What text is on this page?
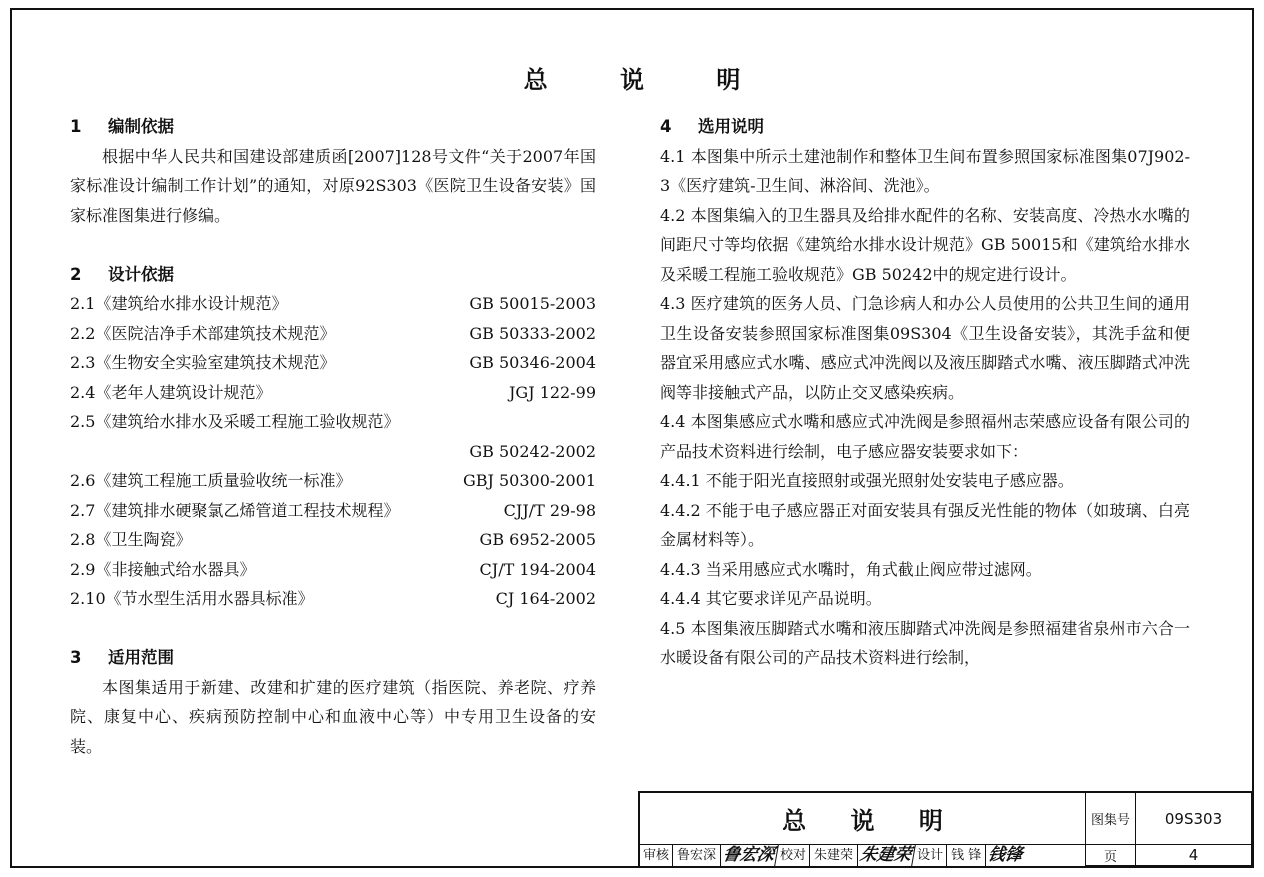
总 说 明
1 编制依据

根据中华人民共和国建设部建质函[2007]128号文件“关于2007年国家标准设计编制工作计划”的通知，对原92S303《医院卫生设备安装》国家标准图集进行修编。

2 设计依据
2.1《建筑给水排水设计规范》	GB 50015-2003
2.2《医院洁净手术部建筑技术规范》	GB 50333-2002
2.3《生物安全实验室建筑技术规范》	GB 50346-2004
2.4《老年人建筑设计规范》	JGJ 122-99
2.5《建筑给水排水及采暖工程施工验收规范》
GB 50242-2002
2.6《建筑工程施工质量验收统一标准》	GBJ 50300-2001
2.7《建筑排水硬聚氯乙烯管道工程技术规程》	CJJ/T 29-98
2.8《卫生陶瓷》	GB 6952-2005
2.9《非接触式给水器具》	CJ/T 194-2004
2.10《节水型生活用水器具标准》	CJ 164-2002
3 适用范围

本图集适用于新建、改建和扩建的医疗建筑（指医院、养老院、疗养院、康复中心、疾病预防控制中心和血液中心等）中专用卫生设备的安装。

4 选用说明

4.1 本图集中所示土建池制作和整体卫生间布置参照国家标准图集07J902-3《医疗建筑-卫生间、淋浴间、洗池》。

4.2 本图集编入的卫生器具及给排水配件的名称、安装高度、冷热水水嘴的间距尺寸等均依据《建筑给水排水设计规范》GB 50015和《建筑给水排水及采暖工程施工验收规范》GB 50242中的规定进行设计。

4.3 医疗建筑的医务人员、门急诊病人和办公人员使用的公共卫生间的通用卫生设备安装参照国家标准图集09S304《卫生设备安装》，其洗手盆和便器宜采用感应式水嘴、感应式冲洗阀以及液压脚踏式水嘴、液压脚踏式冲洗阀等非接触式产品，以防止交叉感染疾病。

4.4 本图集感应式水嘴和感应式冲洗阀是参照福州志荣感应设备有限公司的产品技术资料进行绘制，电子感应器安装要求如下：

4.4.1 不能于阳光直接照射或强光照射处安装电子感应器。

4.4.2 不能于电子感应器正对面安装具有强反光性能的物体（如玻璃、白亮金属材料等）。

4.4.3 当采用感应式水嘴时，角式截止阀应带过滤网。

4.4.4 其它要求详见产品说明。

4.5 本图集液压脚踏式水嘴和液压脚踏式冲洗阀是参照福建省泉州市六合一水暖设备有限公司的产品技术资料进行绘制，

总 说 明	图集号	09S303
页	4
审核 鲁宏深 鲁宏深 校对 朱建荣 朱建荣 设计 钱 锋 钱锋
